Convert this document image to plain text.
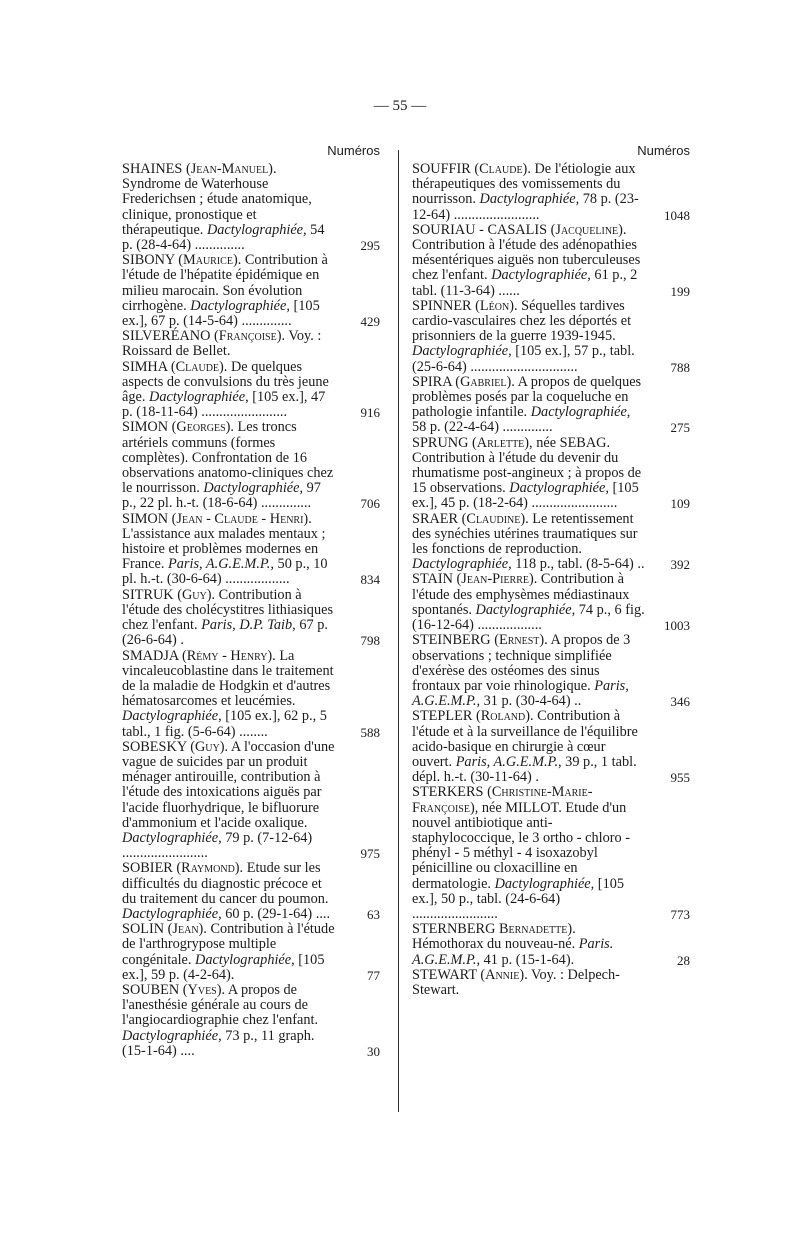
— 55 —
Numéros
SHAINES (Jean-Manuel). Syndrome de Waterhouse Frederichsen ; étude anatomique, clinique, pronostique et thérapeutique. Dactylographiée, 54 p. (28-4-64) ..............	295
SIBONY (Maurice). Contribution à l'étude de l'hépatite épidémique en milieu marocain. Son évolution cirrhogène. Dactylographiée, [105 ex.], 67 p. (14-5-64) ..............	429
SILVERÉANO (Françoise). Voy. : Roissard de Bellet.
SIMHA (Claude). De quelques aspects de convulsions du très jeune âge. Dactylographiée, [105 ex.], 47 p. (18-11-64) ........................	916
SIMON (Georges). Les troncs artériels communs (formes complètes). Confrontation de 16 observations anatomo-cliniques chez le nourrisson. Dactylographiée, 97 p., 22 pl. h.-t. (18-6-64) ..............	706
SIMON (Jean - Claude - Henri). L'assistance aux malades mentaux ; histoire et problèmes modernes en France. Paris, A.G.E.M.P., 50 p., 10 pl. h.-t. (30-6-64) ..................	834
SITRUK (Guy). Contribution à l'étude des cholécystitres lithiasiques chez l'enfant. Paris, D.P. Taib, 67 p. (26-6-64) .	798
SMADJA (Rémy - Henry). La vincaleucoblastine dans le traitement de la maladie de Hodgkin et d'autres hématosarcomes et leucémies. Dactylographiée, [105 ex.], 62 p., 5 tabl., 1 fig. (5-6-64) ........	588
SOBESKY (Guy). A l'occasion d'une vague de suicides par un produit ménager antirouille, contribution à l'étude des intoxications aiguës par l'acide fluorhydrique, le bifluorure d'ammonium et l'acide oxalique. Dactylographiée, 79 p. (7-12-64) ........................	975
SOBIER (Raymond). Etude sur les difficultés du diagnostic précoce et du traitement du cancer du poumon. Dactylographiée, 60 p. (29-1-64) ....	63
SOLIN (Jean). Contribution à l'étude de l'arthrogrypose multiple congénitale. Dactylographiée, [105 ex.], 59 p. (4-2-64).	77
SOUBEN (Yves). A propos de l'anesthésie générale au cours de l'angiocardiographie chez l'enfant. Dactylographiée, 73 p., 11 graph. (15-1-64) ....	30
Numéros
SOUFFIR (Claude). De l'étiologie aux thérapeutiques des vomissements du nourrisson. Dactylographiée, 78 p. (23-12-64) ........................	1048
SOURIAU - CASALIS (Jacqueline). Contribution à l'étude des adénopathies mésentériques aiguës non tuberculeuses chez l'enfant. Dactylographiée, 61 p., 2 tabl. (11-3-64) ......	199
SPINNER (Léon). Séquelles tardives cardio-vasculaires chez les déportés et prisonniers de la guerre 1939-1945. Dactylographiée, [105 ex.], 57 p., tabl. (25-6-64) ..............................	788
SPIRA (Gabriel). A propos de quelques problèmes posés par la coqueluche en pathologie infantile. Dactylographiée, 58 p. (22-4-64) ..............	275
SPRUNG (Arlette), née SEBAG. Contribution à l'étude du devenir du rhumatisme post-angineux ; à propos de 15 observations. Dactylographiée, [105 ex.], 45 p. (18-2-64) ........................	109
SRAER (Claudine). Le retentissement des synéchies utérines traumatiques sur les fonctions de reproduction. Dactylographiée, 118 p., tabl. (8-5-64) .. 392
STAIN (Jean-Pierre). Contribution à l'étude des emphysèmes médiastinaux spontanés. Dactylographiée, 74 p., 6 fig. (16-12-64) ..................	1003
STEINBERG (Ernest). A propos de 3 observations ; technique simplifiée d'exérèse des ostéomes des sinus frontaux par voie rhinologique. Paris, A.G.E.M.P., 31 p. (30-4-64) ..	346
STEPLER (Roland). Contribution à l'étude et à la surveillance de l'équilibre acido-basique en chirurgie à cœur ouvert. Paris, A.G.E.M.P., 39 p., 1 tabl. dépl. h.-t. (30-11-64) .	955
STERKERS (Christine-Marie-Françoise), née MILLOT. Etude d'un nouvel antibiotique anti-staphylococcique, le 3 ortho - chloro - phényl - 5 méthyl - 4 isoxazobyl pénicilline ou cloxacilline en dermatologie. Dactylographiée, [105 ex.], 50 p., tabl. (24-6-64) ........................	773
STERNBERG Bernadette). Hémothorax du nouveau-né. Paris. A.G.E.M.P., 41 p. (15-1-64).	28
STEWART (Annie). Voy. : Delpech-Stewart.
